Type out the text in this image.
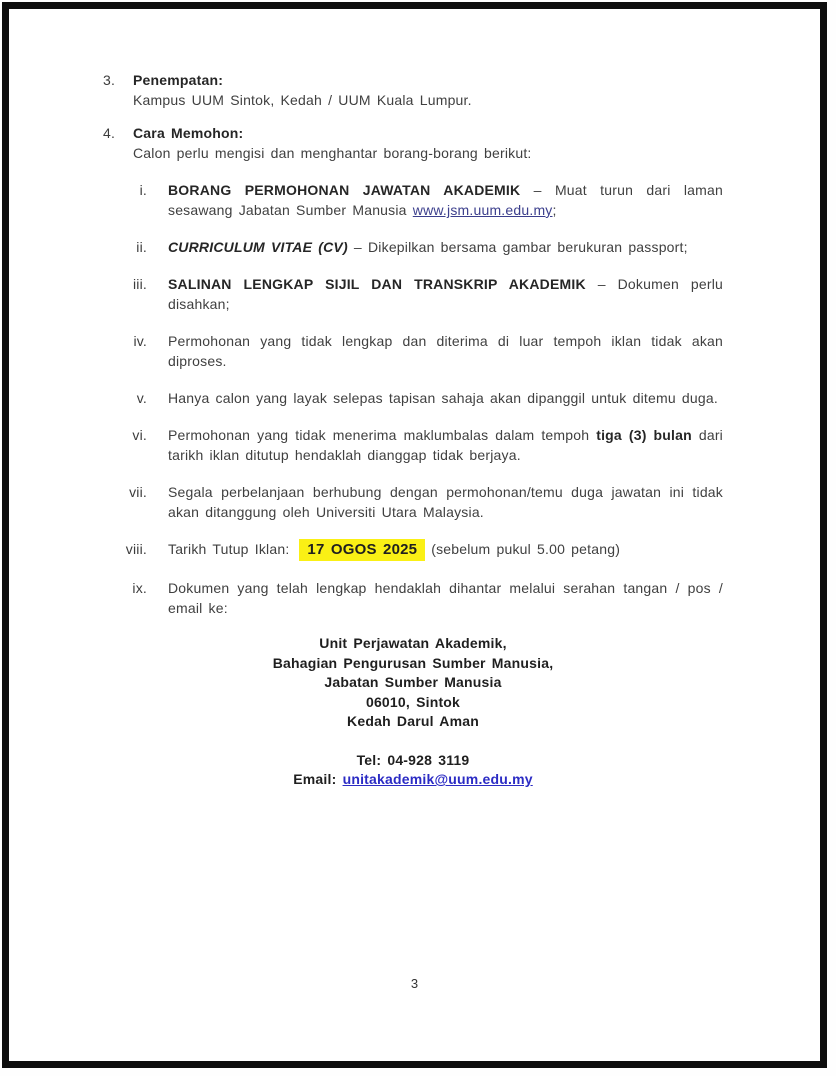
3.	Penempatan:
Kampus UUM Sintok, Kedah / UUM Kuala Lumpur.
4.	Cara Memohon:
Calon perlu mengisi dan menghantar borang-borang berikut:
i. BORANG PERMOHONAN JAWATAN AKADEMIK – Muat turun dari laman sesawang Jabatan Sumber Manusia www.jsm.uum.edu.my;
ii. CURRICULUM VITAE (CV) – Dikepilkan bersama gambar berukuran passport;
iii. SALINAN LENGKAP SIJIL DAN TRANSKRIP AKADEMIK – Dokumen perlu disahkan;
iv. Permohonan yang tidak lengkap dan diterima di luar tempoh iklan tidak akan diproses.
v. Hanya calon yang layak selepas tapisan sahaja akan dipanggil untuk ditemu duga.
vi. Permohonan yang tidak menerima maklumbalas dalam tempoh tiga (3) bulan dari tarikh iklan ditutup hendaklah dianggap tidak berjaya.
vii. Segala perbelanjaan berhubung dengan permohonan/temu duga jawatan ini tidak akan ditanggung oleh Universiti Utara Malaysia.
viii. Tarikh Tutup Iklan: 17 OGOS 2025 (sebelum pukul 5.00 petang)
ix. Dokumen yang telah lengkap hendaklah dihantar melalui serahan tangan / pos / email ke:
Unit Perjawatan Akademik,
Bahagian Pengurusan Sumber Manusia,
Jabatan Sumber Manusia
06010, Sintok
Kedah Darul Aman
Tel: 04-928 3119
Email: unitakademik@uum.edu.my
3
